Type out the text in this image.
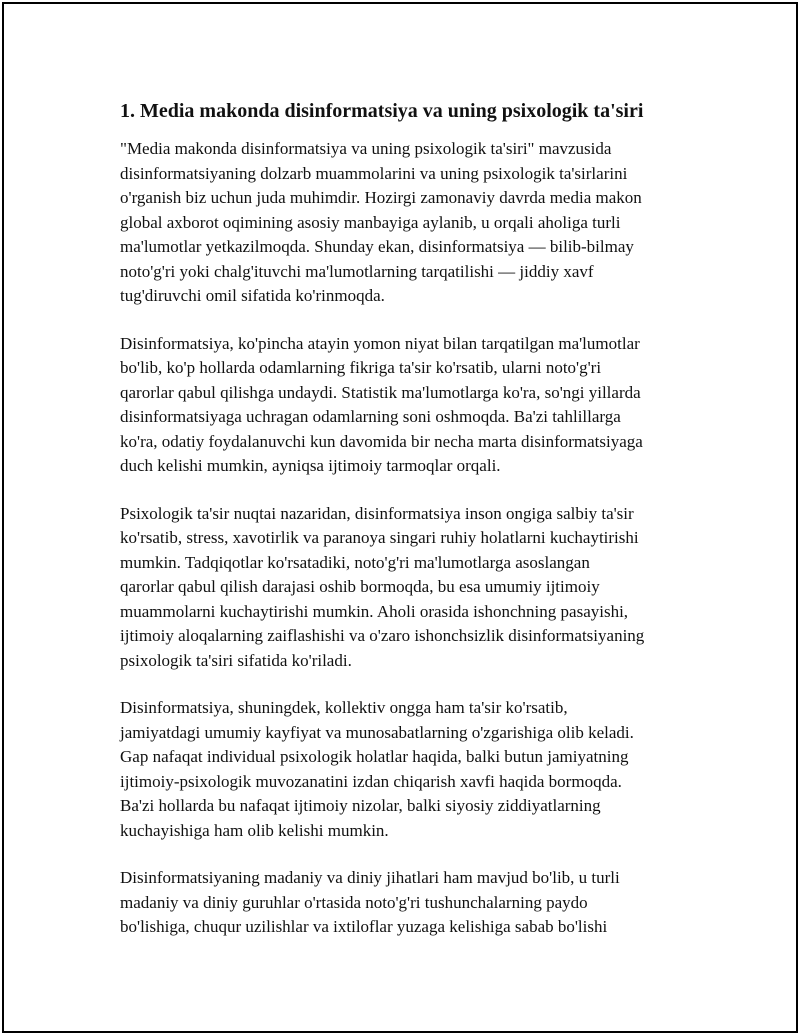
1. Media makonda disinformatsiya va uning psixologik ta'siri

"Media makonda disinformatsiya va uning psixologik ta'siri" mavzusida
disinformatsiyaning dolzarb muammolarini va uning psixologik ta'sirlarini
o'rganish biz uchun juda muhimdir. Hozirgi zamonaviy davrda media makon
global axborot oqimining asosiy manbayiga aylanib, u orqali aholiga turli
ma'lumotlar yetkazilmoqda. Shunday ekan, disinformatsiya — bilib-bilmay
noto'g'ri yoki chalg'ituvchi ma'lumotlarning tarqatilishi — jiddiy xavf
tug'diruvchi omil sifatida ko'rinmoqda.

Disinformatsiya, ko'pincha atayin yomon niyat bilan tarqatilgan ma'lumotlar
bo'lib, ko'p hollarda odamlarning fikriga ta'sir ko'rsatib, ularni noto'g'ri
qarorlar qabul qilishga undaydi. Statistik ma'lumotlarga ko'ra, so'ngi yillarda
disinformatsiyaga uchragan odamlarning soni oshmoqda. Ba'zi tahlillarga
ko'ra, odatiy foydalanuvchi kun davomida bir necha marta disinformatsiyaga
duch kelishi mumkin, ayniqsa ijtimoiy tarmoqlar orqali.

Psixologik ta'sir nuqtai nazaridan, disinformatsiya inson ongiga salbiy ta'sir
ko'rsatib, stress, xavotirlik va paranoya singari ruhiy holatlarni kuchaytirishi
mumkin. Tadqiqotlar ko'rsatadiki, noto'g'ri ma'lumotlarga asoslangan
qarorlar qabul qilish darajasi oshib bormoqda, bu esa umumiy ijtimoiy
muammolarni kuchaytirishi mumkin. Aholi orasida ishonchning pasayishi,
ijtimoiy aloqalarning zaiflashishi va o'zaro ishonchsizlik disinformatsiyaning
psixologik ta'siri sifatida ko'riladi.

Disinformatsiya, shuningdek, kollektiv ongga ham ta'sir ko'rsatib,
jamiyatdagi umumiy kayfiyat va munosabatlarning o'zgarishiga olib keladi.
Gap nafaqat individual psixologik holatlar haqida, balki butun jamiyatning
ijtimoiy-psixologik muvozanatini izdan chiqarish xavfi haqida bormoqda.
Ba'zi hollarda bu nafaqat ijtimoiy nizolar, balki siyosiy ziddiyatlarning
kuchayishiga ham olib kelishi mumkin.

Disinformatsiyaning madaniy va diniy jihatlari ham mavjud bo'lib, u turli
madaniy va diniy guruhlar o'rtasida noto'g'ri tushunchalarning paydo
bo'lishiga, chuqur uzilishlar va ixtiloflar yuzaga kelishiga sabab bo'lishi
